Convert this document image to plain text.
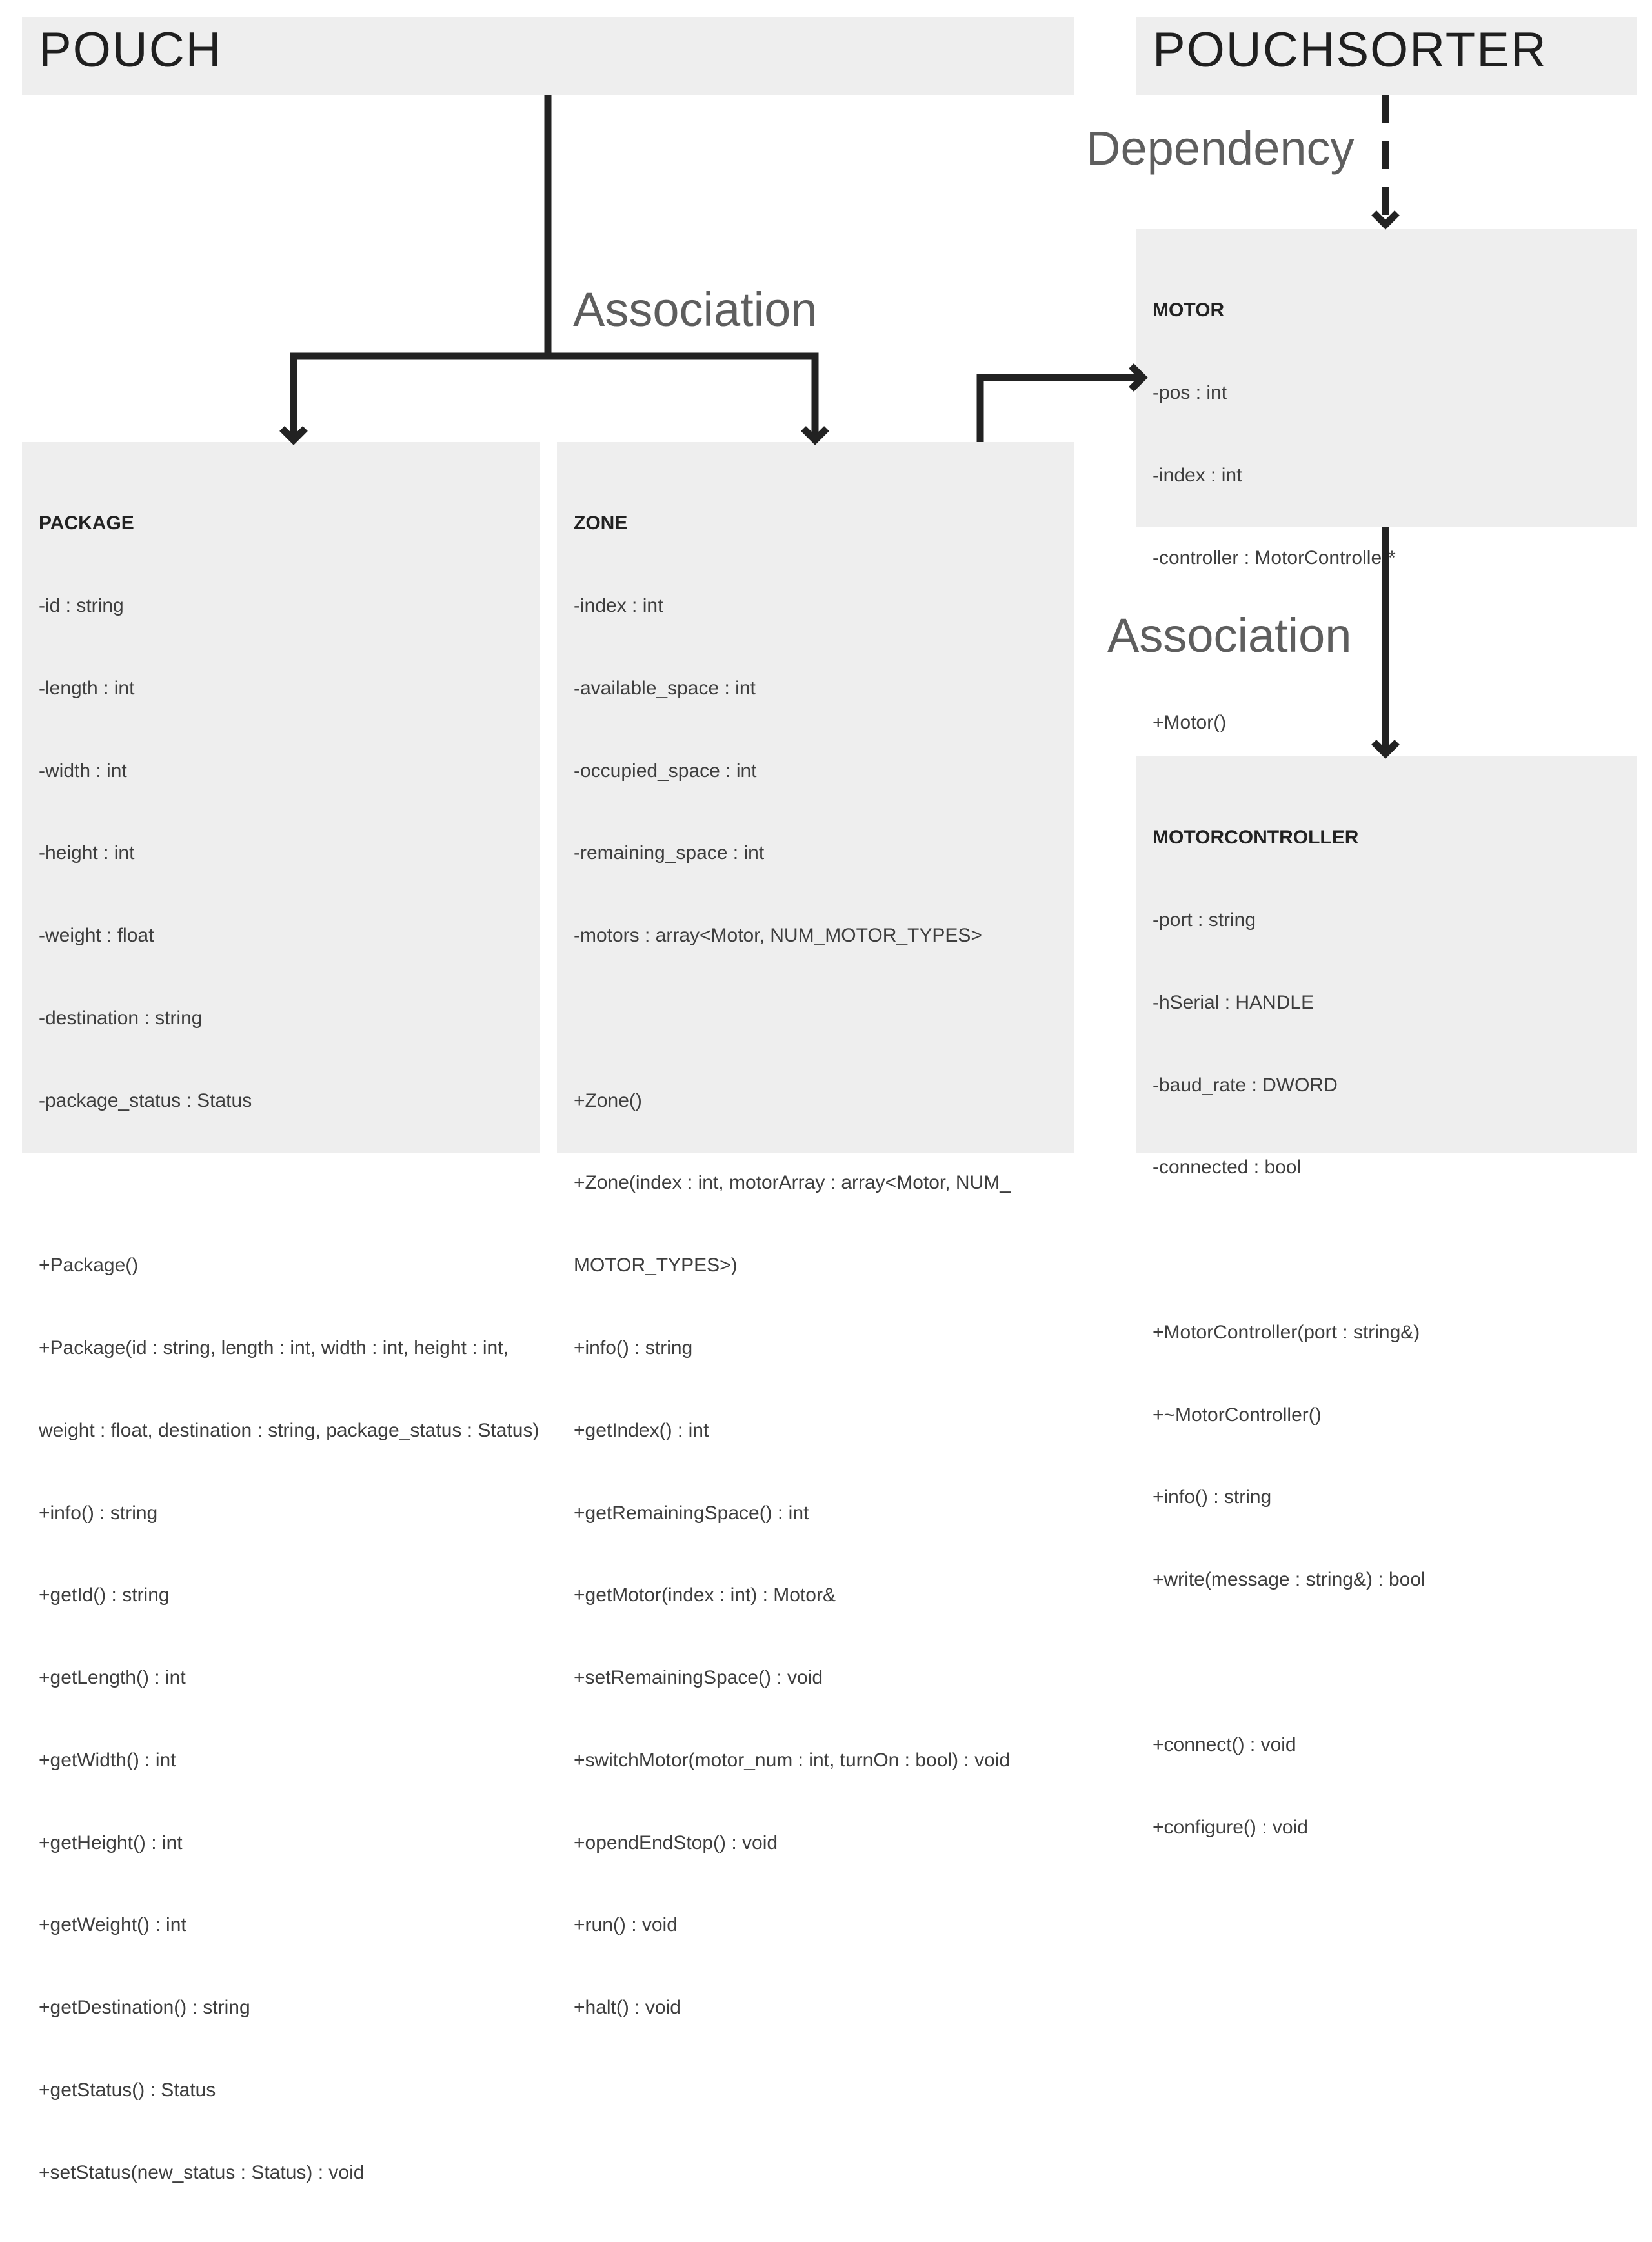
POUCH	POUCHSORTER

PACKAGE

-id : string

-length : int

-width : int

-height : int

-weight : float

-destination : string

-package_status : Status

+Package()

+Package(id : string, length : int, width : int, height : int,

weight : float, destination : string, package_status : Status)

+info() : string

+getId() : string

+getLength() : int

+getWidth() : int

+getHeight() : int

+getWeight() : int

+getDestination() : string

+getStatus() : Status

+setStatus(new_status : Status) : void

ZONE

-index : int

-available_space : int

-occupied_space : int

-remaining_space : int

-motors : array<Motor, NUM_MOTOR_TYPES>

+Zone()

+Zone(index : int, motorArray : array<Motor, NUM_

MOTOR_TYPES>)

+info() : string

+getIndex() : int

+getRemainingSpace() : int

+getMotor(index : int) : Motor&

+setRemainingSpace() : void

+switchMotor(motor_num : int, turnOn : bool) : void

+opendEndStop() : void

+run() : void

+halt() : void

MOTOR

-pos : int

-index : int

-controller : MotorController*

+Motor()

MOTORCONTROLLER

-port : string

-hSerial : HANDLE

-baud_rate : DWORD

-connected : bool

+MotorController(port : string&)

+~MotorController()

+info() : string

+write(message : string&) : bool

+connect() : void

+configure() : void

Dependency
Association
Association
